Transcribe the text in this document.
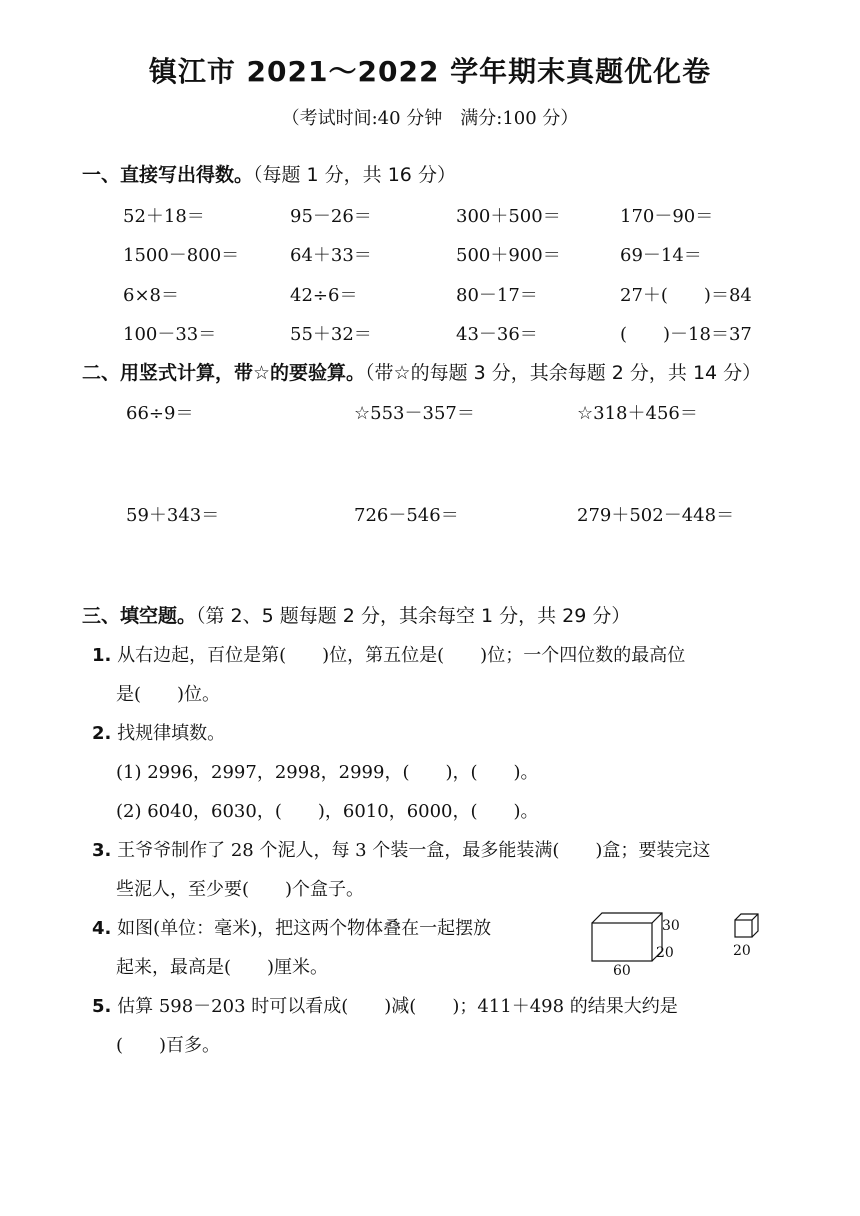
镇江市 2021～2022 学年期末真题优化卷
（考试时间:40 分钟　满分:100 分）
一、直接写出得数。（每题 1 分，共 16 分）
52＋18＝	95－26＝	300＋500＝	170－90＝
1500－800＝	64＋33＝	500＋900＝	69－14＝
6×8＝	42÷6＝	80－17＝	27＋(　　)＝84
100－33＝	55＋32＝	43－36＝	(　　)－18＝37
二、用竖式计算，带☆的要验算。（带☆的每题 3 分，其余每题 2 分，共 14 分）
66÷9＝	☆553－357＝	☆318＋456＝
59＋343＝	726－546＝	279＋502－448＝
三、填空题。（第 2、5 题每题 2 分，其余每空 1 分，共 29 分）
1. 从右边起，百位是第(　　)位，第五位是(　　)位；一个四位数的最高位
是(　　)位。
2. 找规律填数。
(1) 2996，2997，2998，2999，(　　)，(　　)。
(2) 6040，6030，(　　)，6010，6000，(　　)。
3. 王爷爷制作了 28 个泥人，每 3 个装一盒，最多能装满(　　)盒；要装完这
些泥人，至少要(　　)个盒子。
4. 如图(单位：毫米)，把这两个物体叠在一起摆放
起来，最高是(　　)厘米。
30
20
60
20
5. 估算 598－203 时可以看成(　　)减(　　)；411＋498 的结果大约是
(　　)百多。
